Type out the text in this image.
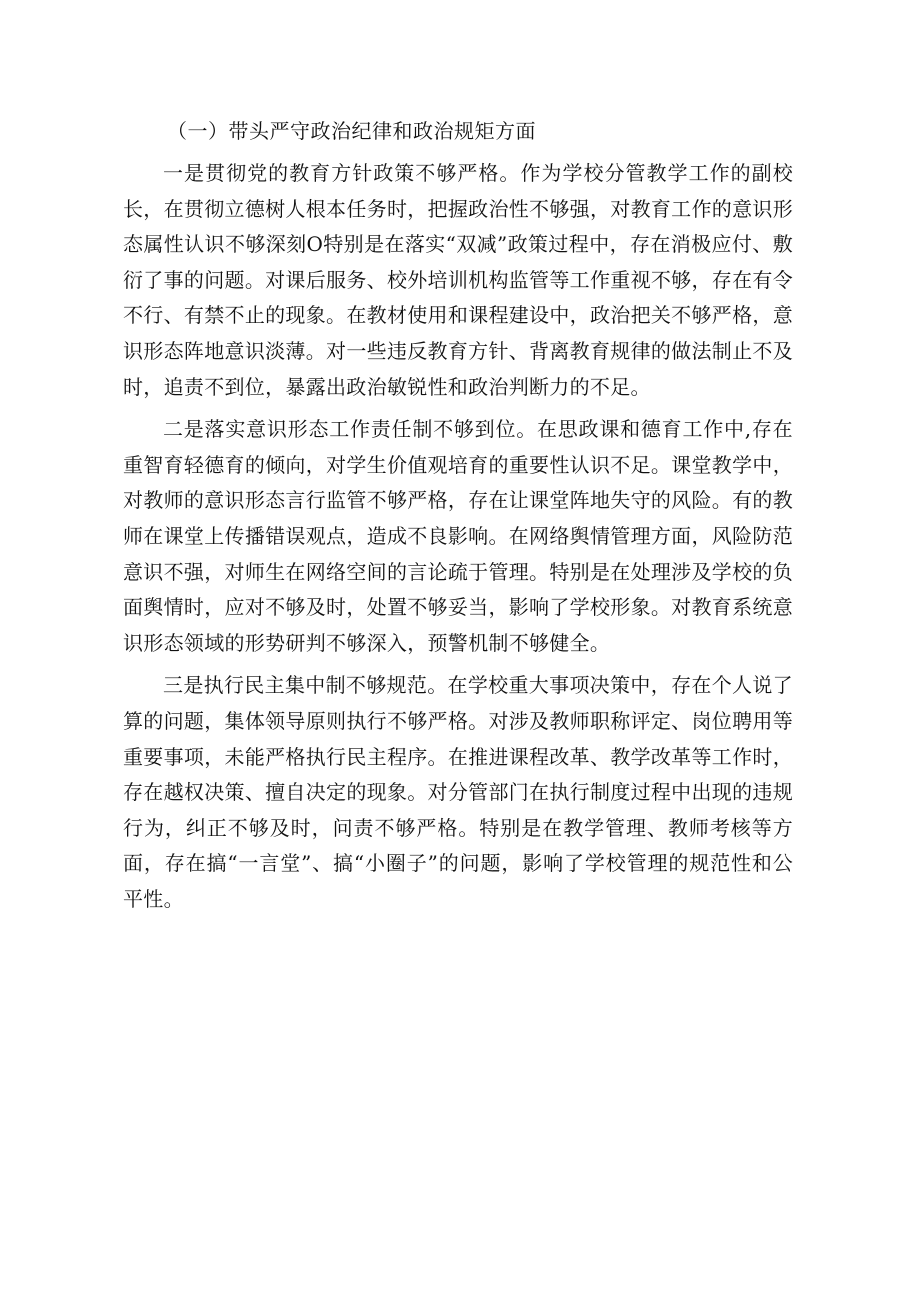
（一）带头严守政治纪律和政治规矩方面

一是贯彻党的教育方针政策不够严格。作为学校分管教学工作的副校长，在贯彻立德树人根本任务时，把握政治性不够强，对教育工作的意识形态属性认识不够深刻O特别是在落实“双减”政策过程中，存在消极应付、敷衍了事的问题。对课后服务、校外培训机构监管等工作重视不够，存在有令不行、有禁不止的现象。在教材使用和课程建设中，政治把关不够严格，意识形态阵地意识淡薄。对一些违反教育方针、背离教育规律的做法制止不及时，追责不到位，暴露出政治敏锐性和政治判断力的不足。

二是落实意识形态工作责任制不够到位。在思政课和德育工作中,存在重智育轻德育的倾向，对学生价值观培育的重要性认识不足。课堂教学中，对教师的意识形态言行监管不够严格，存在让课堂阵地失守的风险。有的教师在课堂上传播错误观点，造成不良影响。在网络舆情管理方面，风险防范意识不强，对师生在网络空间的言论疏于管理。特别是在处理涉及学校的负面舆情时，应对不够及时，处置不够妥当，影响了学校形象。对教育系统意识形态领域的形势研判不够深入，预警机制不够健全。

三是执行民主集中制不够规范。在学校重大事项决策中，存在个人说了算的问题，集体领导原则执行不够严格。对涉及教师职称评定、岗位聘用等重要事项，未能严格执行民主程序。在推进课程改革、教学改革等工作时，存在越权决策、擅自决定的现象。对分管部门在执行制度过程中出现的违规行为，纠正不够及时，问责不够严格。特别是在教学管理、教师考核等方面，存在搞“一言堂”、搞“小圈子”的问题，影响了学校管理的规范性和公平性。
